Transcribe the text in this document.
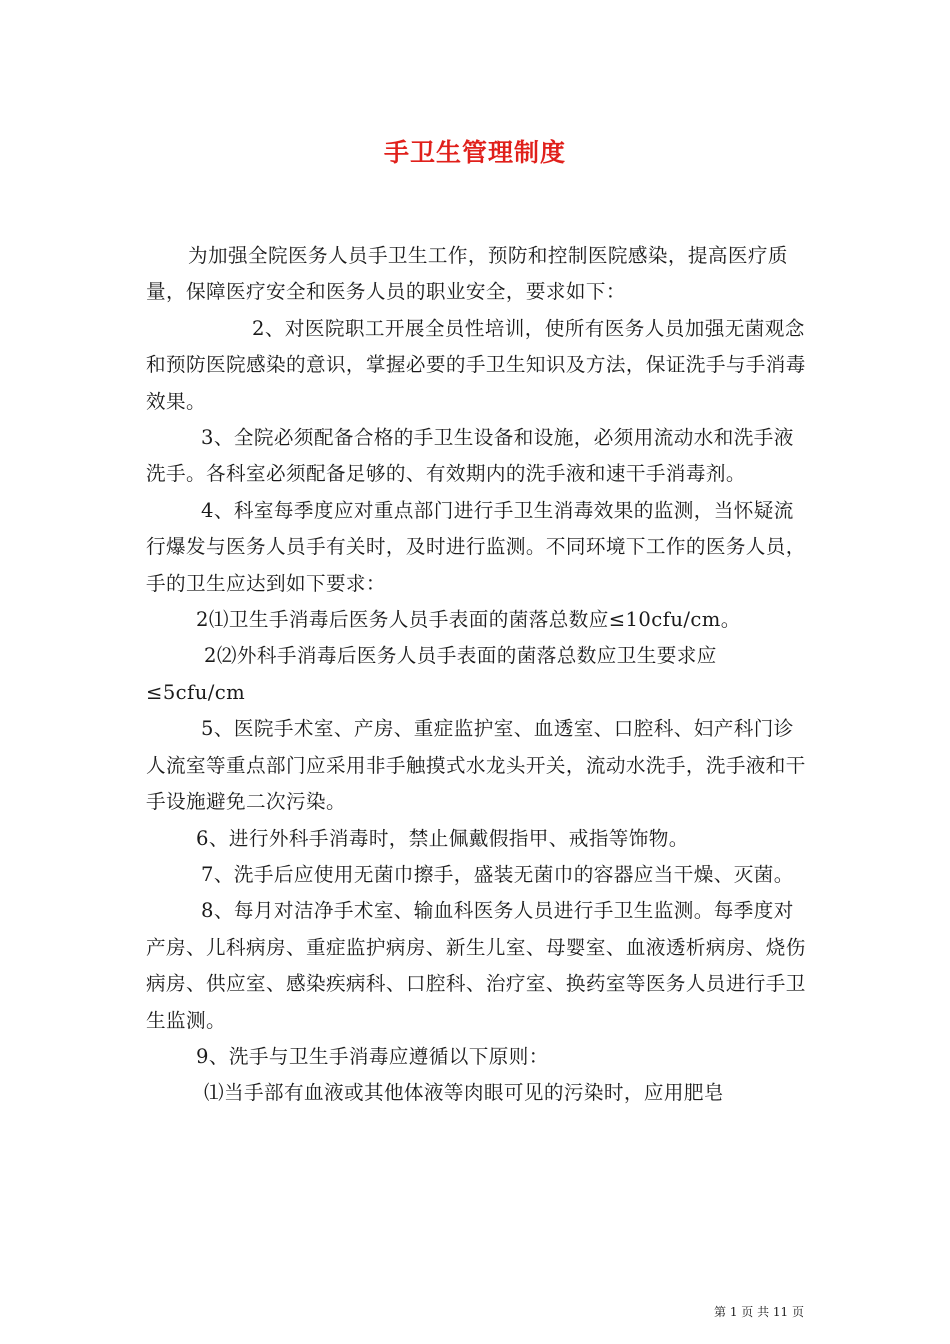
手卫生管理制度

为加强全院医务人员手卫生工作，预防和控制医院感染，提高医疗质量，保障医疗安全和医务人员的职业安全，要求如下：

2、对医院职工开展全员性培训，使所有医务人员加强无菌观念和预防医院感染的意识，掌握必要的手卫生知识及方法，保证洗手与手消毒效果。

3、全院必须配备合格的手卫生设备和设施，必须用流动水和洗手液洗手。各科室必须配备足够的、有效期内的洗手液和速干手消毒剂。

4、科室每季度应对重点部门进行手卫生消毒效果的监测，当怀疑流行爆发与医务人员手有关时，及时进行监测。不同环境下工作的医务人员，手的卫生应达到如下要求：

2⑴卫生手消毒后医务人员手表面的菌落总数应≤10cfu/cm。

2⑵外科手消毒后医务人员手表面的菌落总数应卫生要求应≤5cfu/cm

5、医院手术室、产房、重症监护室、血透室、口腔科、妇产科门诊人流室等重点部门应采用非手触摸式水龙头开关，流动水洗手，洗手液和干手设施避免二次污染。

6、进行外科手消毒时，禁止佩戴假指甲、戒指等饰物。

7、洗手后应使用无菌巾擦手，盛装无菌巾的容器应当干燥、灭菌。

8、每月对洁净手术室、输血科医务人员进行手卫生监测。每季度对产房、儿科病房、重症监护病房、新生儿室、母婴室、血液透析病房、烧伤病房、供应室、感染疾病科、口腔科、治疗室、换药室等医务人员进行手卫生监测。

9、洗手与卫生手消毒应遵循以下原则：

⑴当手部有血液或其他体液等肉眼可见的污染时，应用肥皂

第 1 页 共 11 页
